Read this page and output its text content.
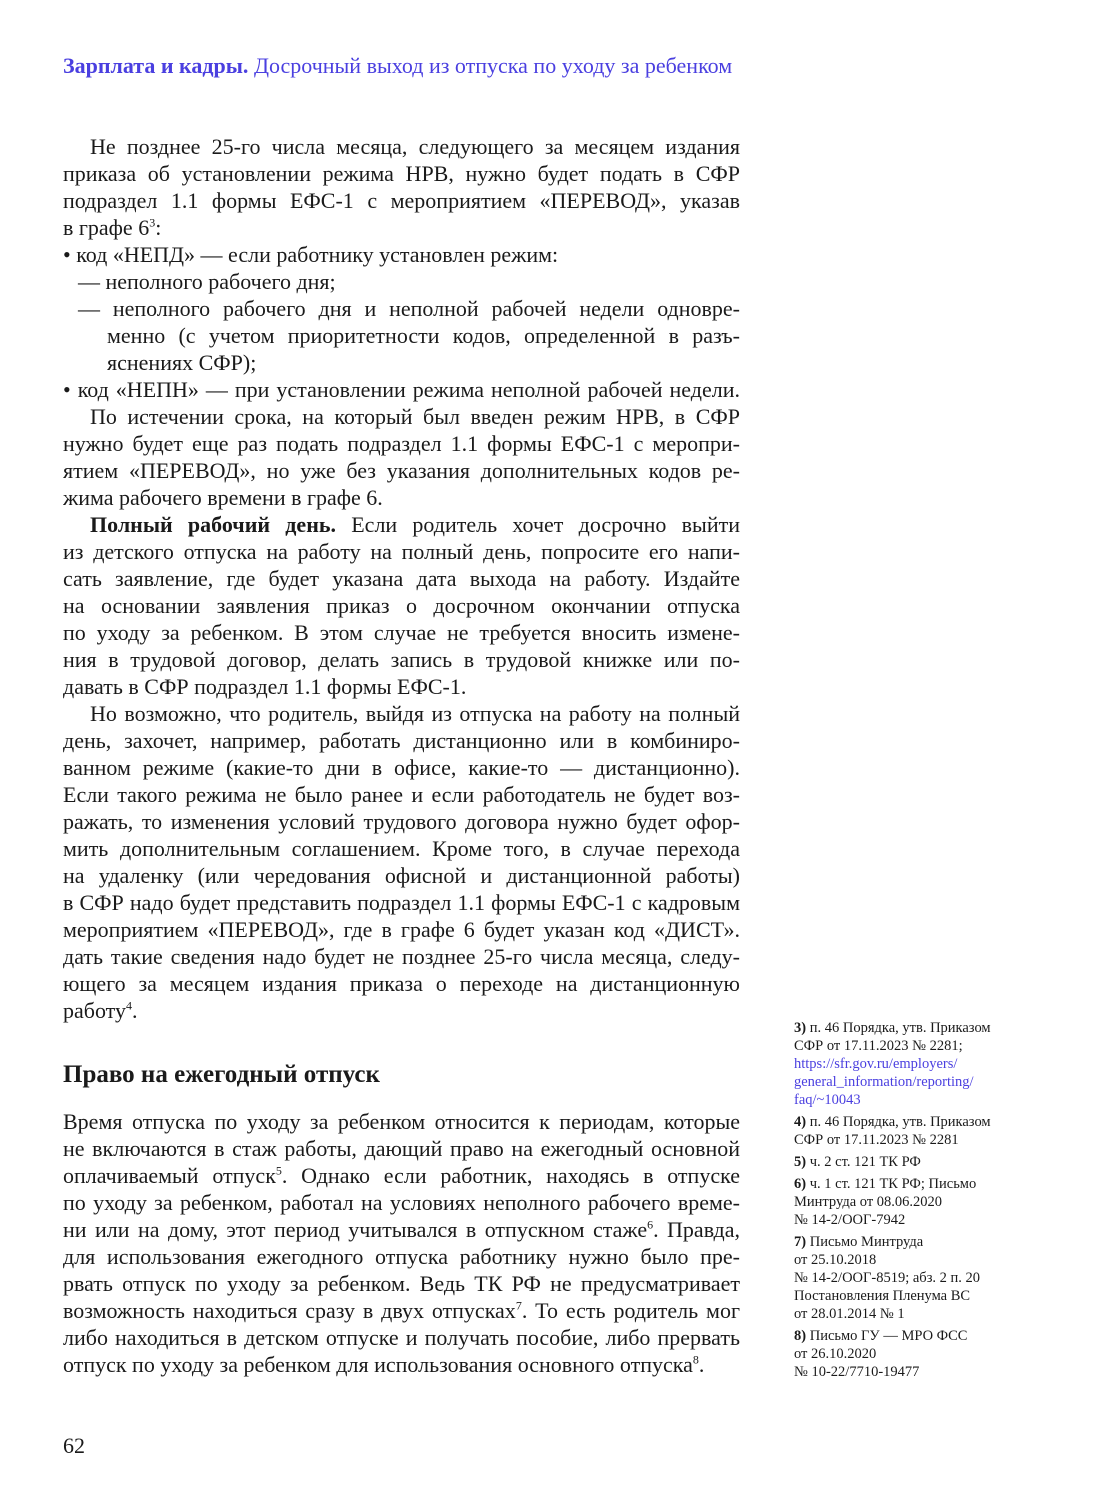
Зарплата и кадры. Досрочный выход из отпуска по уходу за ребенком
Не позднее 25-го числа месяца, следующего за месяцем издания
приказа об установлении режима НРВ, нужно будет подать в СФР
подраздел 1.1 формы ЕФС-1 с мероприятием «ПЕРЕВОД», указав
в графе $6^3$:
• код «НЕПД» — если работнику установлен режим:
— неполного рабочего дня;
— неполного рабочего дня и неполной рабочей недели одновре-
менно (с учетом приоритетности кодов, определенной в разъ-
яснениях СФР);
• код «НЕПН» — при установлении режима неполной рабочей недели.
По истечении срока, на который был введен режим НРВ, в СФР
нужно будет еще раз подать подраздел 1.1 формы ЕФС-1 с меропри-
ятием «ПЕРЕВОД», но уже без указания дополнительных кодов ре-
жима рабочего времени в графе 6.
Полный рабочий день. Если родитель хочет досрочно выйти
из детского отпуска на работу на полный день, попросите его напи-
сать заявление, где будет указана дата выхода на работу. Издайте
на основании заявления приказ о досрочном окончании отпуска
по уходу за ребенком. В этом случае не требуется вносить измене-
ния в трудовой договор, делать запись в трудовой книжке или по-
давать в СФР подраздел 1.1 формы ЕФС-1.
Но возможно, что родитель, выйдя из отпуска на работу на полный
день, захочет, например, работать дистанционно или в комбиниро-
ванном режиме (какие-то дни в офисе, какие-то — дистанционно).
Если такого режима не было ранее и если работодатель не будет воз-
ражать, то изменения условий трудового договора нужно будет офор-
мить дополнительным соглашением. Кроме того, в случае перехода
на удаленку (или чередования офисной и дистанционной работы)
в СФР надо будет представить подраздел 1.1 формы ЕФС-1 с кадровым
мероприятием «ПЕРЕВОД», где в графе 6 будет указан код «ДИСТ».
дать такие сведения надо будет не позднее 25-го числа месяца, следу-
ющего за месяцем издания приказа о переходе на дистанционную
работу$^4$.
Право на ежегодный отпуск
Время отпуска по уходу за ребенком относится к периодам, которые
не включаются в стаж работы, дающий право на ежегодный основной
оплачиваемый отпуск$^5$. Однако если работник, находясь в отпуске
по уходу за ребенком, работал на условиях неполного рабочего време-
ни или на дому, этот период учитывался в отпускном стаже$^6$. Правда,
для использования ежегодного отпуска работнику нужно было пре-
рвать отпуск по уходу за ребенком. Ведь ТК РФ не предусматривает
возможность находиться сразу в двух отпусках$^7$. То есть родитель мог
либо находиться в детском отпуске и получать пособие, либо прервать
отпуск по уходу за ребенком для использования основного отпуска$^8$.
3) п. 46 Порядка, утв. Приказом
СФР от 17.11.2023 № 2281;
https://sfr.gov.ru/employers/
general_information/reporting/
faq/~10043
4) п. 46 Порядка, утв. Приказом
СФР от 17.11.2023 № 2281
5) ч. 2 ст. 121 ТК РФ
6) ч. 1 ст. 121 ТК РФ; Письмо
Минтруда от 08.06.2020
№ 14-2/ООГ-7942
7) Письмо Минтруда
от 25.10.2018
№ 14-2/ООГ-8519; абз. 2 п. 20
Постановления Пленума ВС
от 28.01.2014 № 1
8) Письмо ГУ — МРО ФСС
от 26.10.2020
№ 10-22/7710-19477
62
